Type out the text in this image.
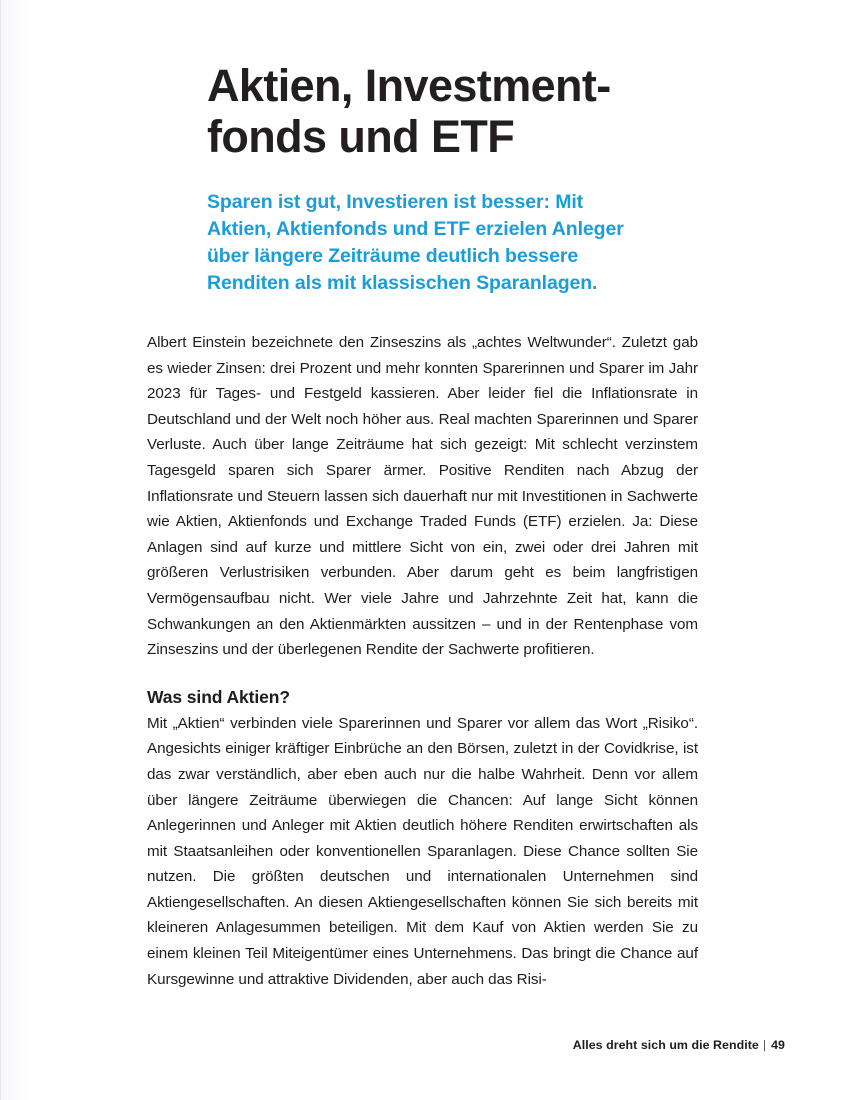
Aktien, Investment-
fonds und ETF

Sparen ist gut, Investieren ist besser: Mit
Aktien, Aktienfonds und ETF erzielen Anleger
über längere Zeiträume deutlich bessere
Renditen als mit klassischen Sparanlagen.

Albert Einstein bezeichnete den Zinseszins als „achtes Weltwunder“. Zuletzt gab es wieder Zinsen: drei Prozent und mehr konnten Sparerinnen und Sparer im Jahr 2023 für Tages- und Festgeld kassieren. Aber leider fiel die Inflationsrate in Deutschland und der Welt noch höher aus. Real machten Sparerinnen und Sparer Verluste. Auch über lange Zeiträume hat sich gezeigt: Mit schlecht verzinstem Tagesgeld sparen sich Sparer ärmer. Positive Renditen nach Abzug der Inflationsrate und Steuern lassen sich dauerhaft nur mit Investitionen in Sachwerte wie Aktien, Aktienfonds und Exchange Traded Funds (ETF) erzielen. Ja: Diese Anlagen sind auf kurze und mittlere Sicht von ein, zwei oder drei Jahren mit größeren Verlustrisiken verbunden. Aber darum geht es beim langfristigen Vermögensaufbau nicht. Wer viele Jahre und Jahrzehnte Zeit hat, kann die Schwankungen an den Aktienmärkten aussitzen – und in der Rentenphase vom Zinseszins und der überlegenen Rendite der Sachwerte profitieren.

Was sind Aktien?

Mit „Aktien“ verbinden viele Sparerinnen und Sparer vor allem das Wort „Risiko“. Angesichts einiger kräftiger Einbrüche an den Börsen, zuletzt in der Covidkrise, ist das zwar verständlich, aber eben auch nur die halbe Wahrheit. Denn vor allem über längere Zeiträume überwiegen die Chancen: Auf lange Sicht können Anlegerinnen und Anleger mit Aktien deutlich höhere Renditen erwirtschaften als mit Staatsanleihen oder konventionellen Sparanlagen. Diese Chance sollten Sie nutzen. Die größten deutschen und internationalen Unternehmen sind Aktiengesellschaften. An diesen Aktiengesellschaften können Sie sich bereits mit kleineren Anlagesummen beteiligen. Mit dem Kauf von Aktien werden Sie zu einem kleinen Teil Miteigentümer eines Unternehmens. Das bringt die Chance auf Kursgewinne und attraktive Dividenden, aber auch das Risi-

Alles dreht sich um die Rendite | 49
